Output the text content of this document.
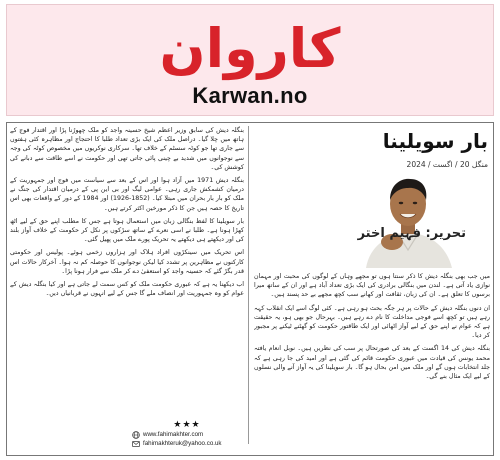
کاروان
Karwan.no

بنگلہ دیش کی سابق وزیر اعظم شیخ حسینہ واجد کو ملک چھوڑنا پڑا اور اقتدار فوج کے ہاتھ میں چلا گیا۔ دراصل ملک کی ایک بڑی تعداد طلبا کا احتجاج اور مظاہرہ کئی ہفتوں سے جاری تھا جو کوٹہ سسٹم کے خلاف تھا۔ سرکاری نوکریوں میں مخصوص کوٹہ کی وجہ سے نوجوانوں میں شدید بے چینی پائی جاتی تھی اور حکومت نے اسے طاقت سے دبانے کی کوشش کی۔

بنگلہ دیش 1971 میں آزاد ہوا اور اس کے بعد سے سیاست میں فوج اور جمہوریت کے درمیان کشمکش جاری رہی۔ عوامی لیگ اور بی این پی کے درمیان اقتدار کی جنگ نے ملک کو بار بار بحران میں مبتلا کیا۔ (1852-1926) اور 1984 کے دور کے واقعات بھی اس تاریخ کا حصہ ہیں جن کا ذکر مورخین اکثر کرتے ہیں۔

بار سویلینا کا لفظ بنگالی زبان میں استعمال ہوتا ہے جس کا مطلب اپنے حق کے لیے اٹھ کھڑا ہونا ہے۔ طلبا نے اسی نعرے کے ساتھ سڑکوں پر نکل کر حکومت کے خلاف آواز بلند کی اور دیکھتے ہی دیکھتے یہ تحریک پورے ملک میں پھیل گئی۔

اس تحریک میں سینکڑوں افراد ہلاک اور ہزاروں زخمی ہوئے۔ پولیس اور حکومتی کارکنوں نے مظاہرین پر تشدد کیا لیکن نوجوانوں کا حوصلہ کم نہ ہوا۔ آخرکار حالات اس قدر بگڑ گئے کہ حسینہ واجد کو استعفیٰ دے کر ملک سے فرار ہونا پڑا۔

اب دیکھنا یہ ہے کہ عبوری حکومت ملک کو کس سمت لے جاتی ہے اور کیا بنگلہ دیش کے عوام کو وہ جمہوریت اور انصاف ملے گا جس کے لیے انہوں نے قربانیاں دیں۔

★★★
www.fahimakhter.com
fahimakhteruk@yahoo.co.uk
بار سویلینا
منگل 20 / اگست / 2024
تحریر: فہیم اختر

میں جب بھی بنگلہ دیش کا ذکر سنتا ہوں تو مجھے وہاں کے لوگوں کی محبت اور مہمان نوازی یاد آتی ہے۔ لندن میں بنگالی برادری کی ایک بڑی تعداد آباد ہے اور ان کے ساتھ میرا برسوں کا تعلق ہے۔ ان کی زبان، ثقافت اور کھانے سب کچھ مجھے بے حد پسند ہیں۔

ان دنوں بنگلہ دیش کے حالات پر ہر جگہ بحث ہو رہی ہے۔ کئی لوگ اسے ایک انقلاب کہہ رہے ہیں تو کچھ اسے فوجی مداخلت کا نام دے رہے ہیں۔ بہرحال جو بھی ہو، یہ حقیقت ہے کہ عوام نے اپنے حق کے لیے آواز اٹھائی اور ایک طاقتور حکومت کو گھٹنے ٹیکنے پر مجبور کر دیا۔

بنگلہ دیش کی 14 اگست کے بعد کی صورتحال پر سب کی نظریں ہیں۔ نوبل انعام یافتہ محمد یونس کی قیادت میں عبوری حکومت قائم کی گئی ہے اور امید کی جا رہی ہے کہ جلد انتخابات ہوں گے اور ملک میں امن بحال ہو گا۔ بار سویلینا کی یہ آواز آنے والی نسلوں کے لیے ایک مثال بنے گی۔
